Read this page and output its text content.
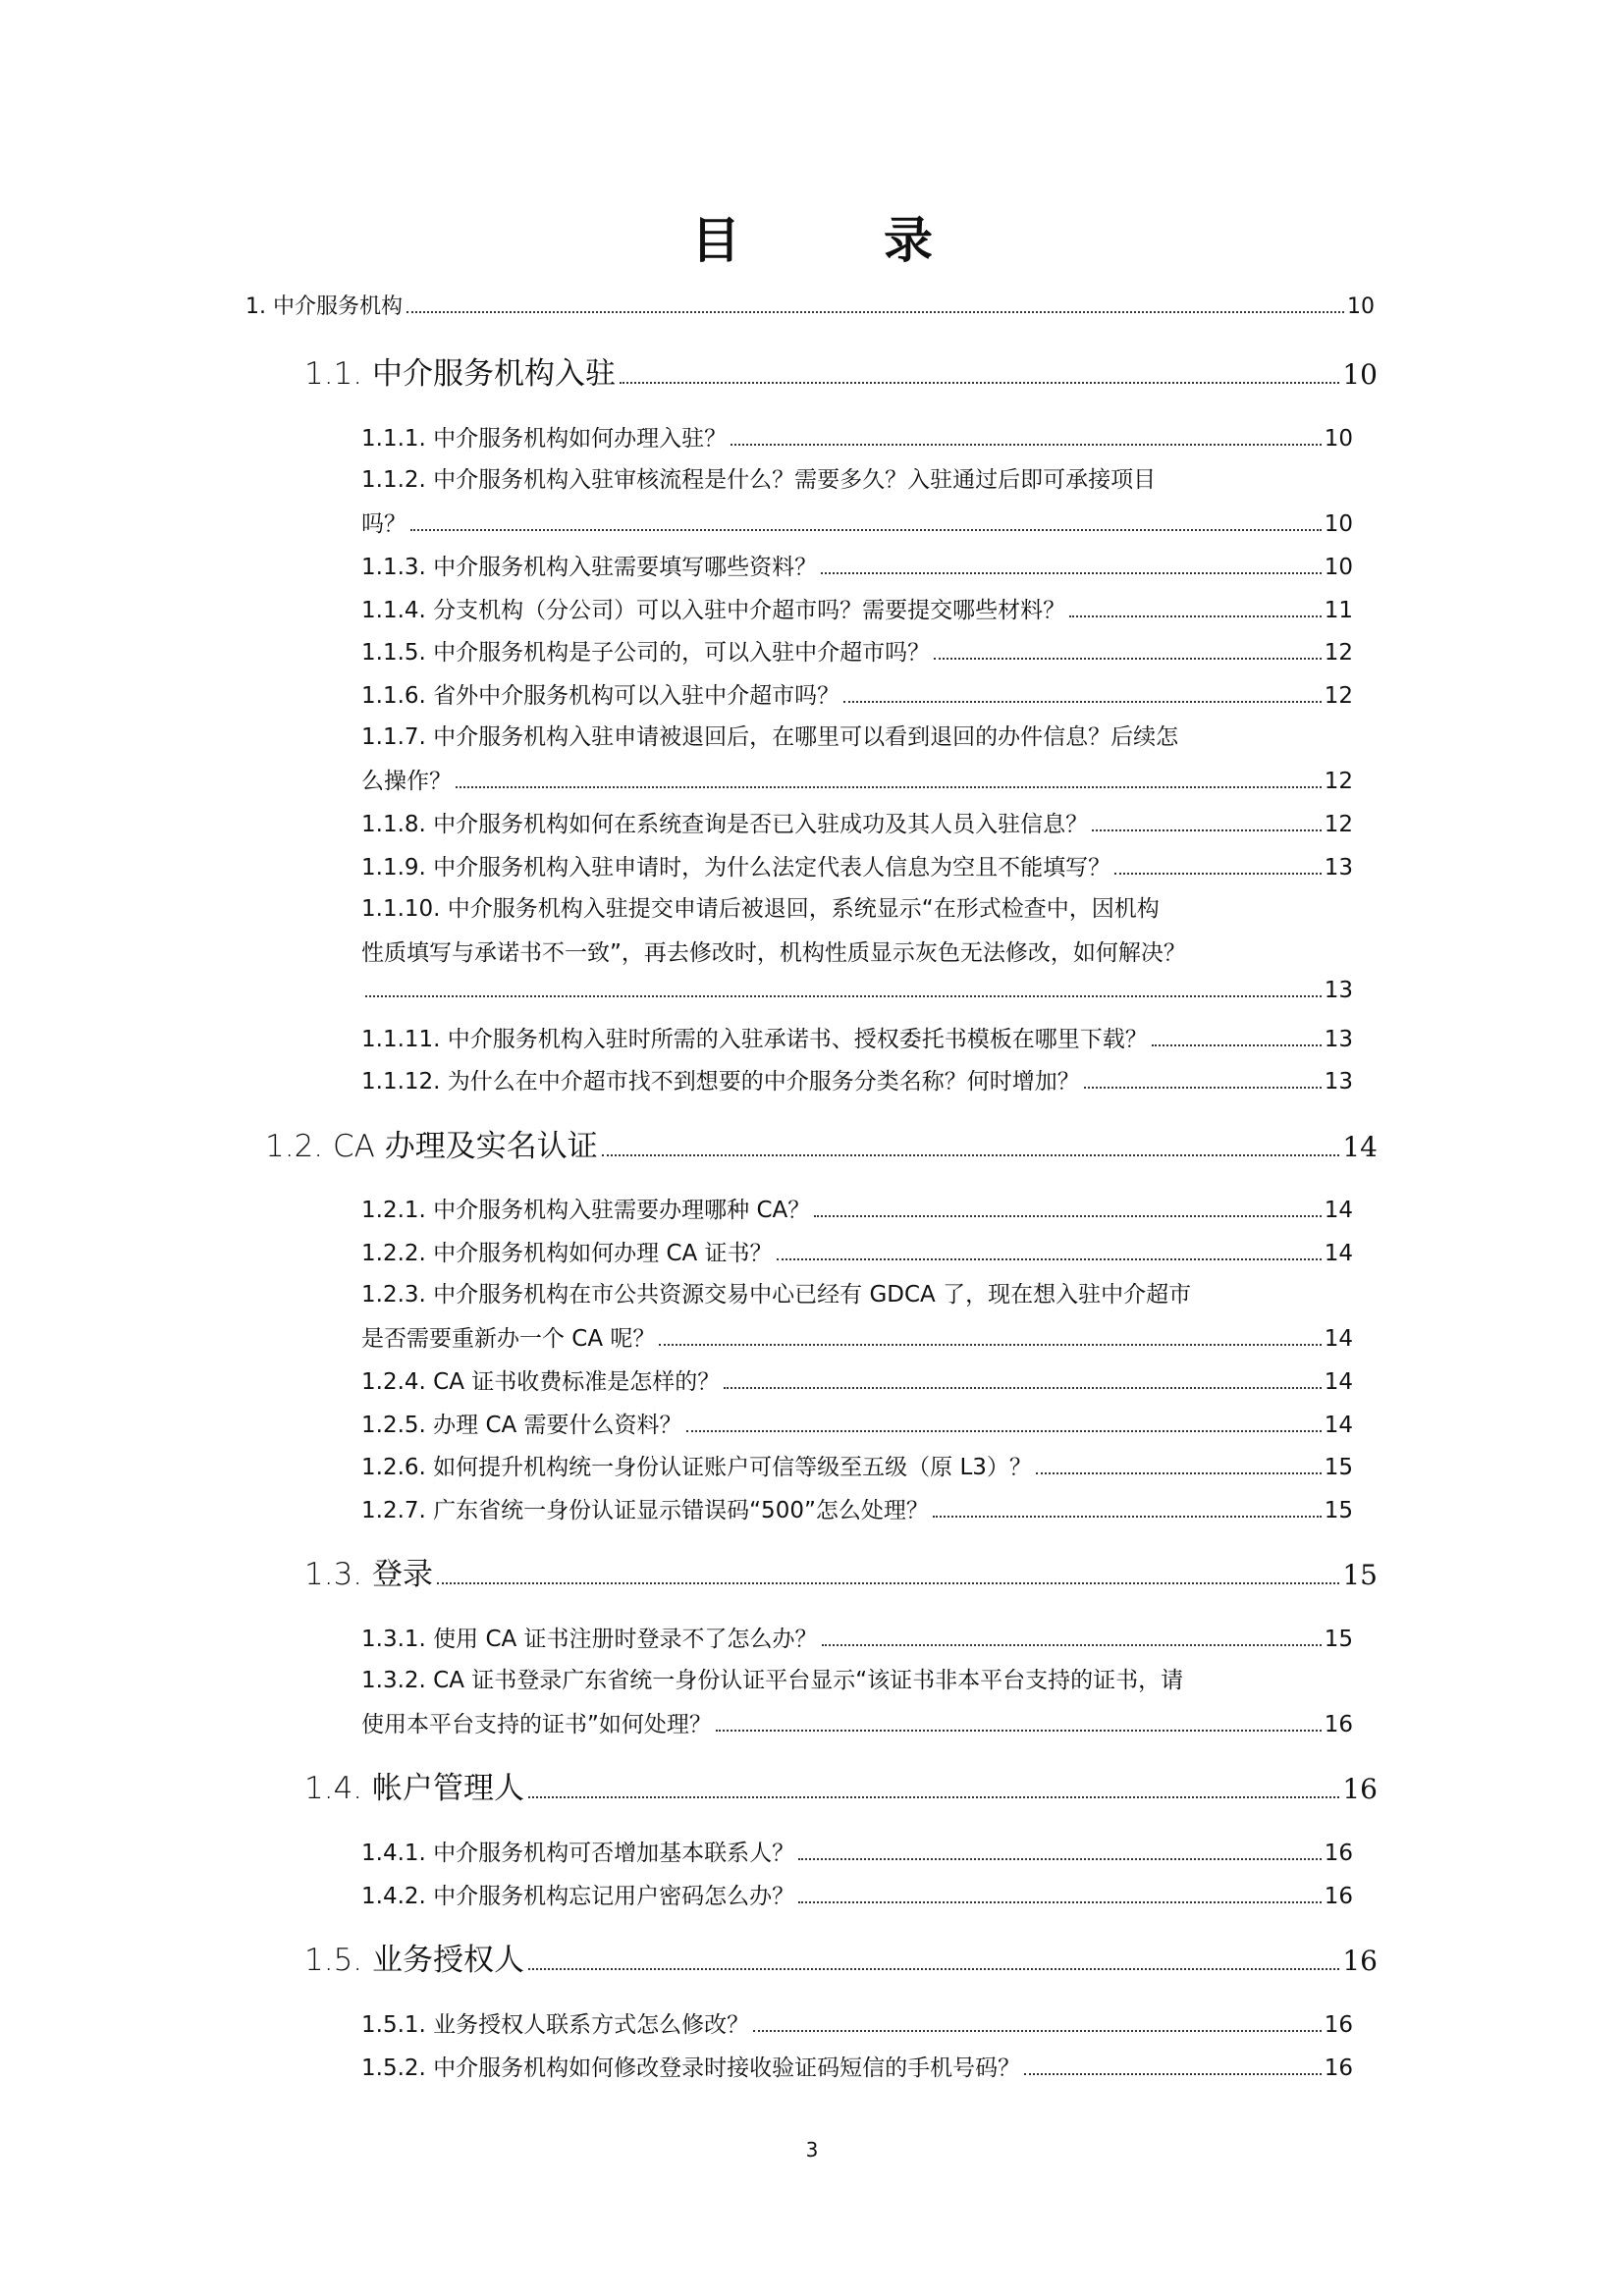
目　录
1. 中介服务机构	10
1.1. 中介服务机构入驻	10
1.1.1. 中介服务机构如何办理入驻？	10
1.1.2. 中介服务机构入驻审核流程是什么？需要多久？入驻通过后即可承接项目
吗？	10
1.1.3. 中介服务机构入驻需要填写哪些资料？	10
1.1.4. 分支机构（分公司）可以入驻中介超市吗？需要提交哪些材料？	11
1.1.5. 中介服务机构是子公司的，可以入驻中介超市吗？	12
1.1.6. 省外中介服务机构可以入驻中介超市吗？	12
1.1.7. 中介服务机构入驻申请被退回后，在哪里可以看到退回的办件信息？后续怎
么操作？	12
1.1.8. 中介服务机构如何在系统查询是否已入驻成功及其人员入驻信息？	12
1.1.9. 中介服务机构入驻申请时，为什么法定代表人信息为空且不能填写？	13
1.1.10. 中介服务机构入驻提交申请后被退回，系统显示“在形式检查中，因机构
性质填写与承诺书不一致”，再去修改时，机构性质显示灰色无法修改，如何解决？
13
1.1.11. 中介服务机构入驻时所需的入驻承诺书、授权委托书模板在哪里下载？	13
1.1.12. 为什么在中介超市找不到想要的中介服务分类名称？何时增加？	13
1.2. CA 办理及实名认证	14
1.2.1. 中介服务机构入驻需要办理哪种 CA？	14
1.2.2. 中介服务机构如何办理 CA 证书？	14
1.2.3. 中介服务机构在市公共资源交易中心已经有 GDCA 了，现在想入驻中介超市
是否需要重新办一个 CA 呢？	14
1.2.4. CA 证书收费标准是怎样的？	14
1.2.5. 办理 CA 需要什么资料？	14
1.2.6. 如何提升机构统一身份认证账户可信等级至五级（原 L3）？	15
1.2.7. 广东省统一身份认证显示错误码“500”怎么处理？	15
1.3. 登录	15
1.3.1. 使用 CA 证书注册时登录不了怎么办？	15
1.3.2. CA 证书登录广东省统一身份认证平台显示“该证书非本平台支持的证书，请
使用本平台支持的证书”如何处理？	16
1.4. 帐户管理人	16
1.4.1. 中介服务机构可否增加基本联系人？	16
1.4.2. 中介服务机构忘记用户密码怎么办？	16
1.5. 业务授权人	16
1.5.1. 业务授权人联系方式怎么修改？	16
1.5.2. 中介服务机构如何修改登录时接收验证码短信的手机号码？	16
3
